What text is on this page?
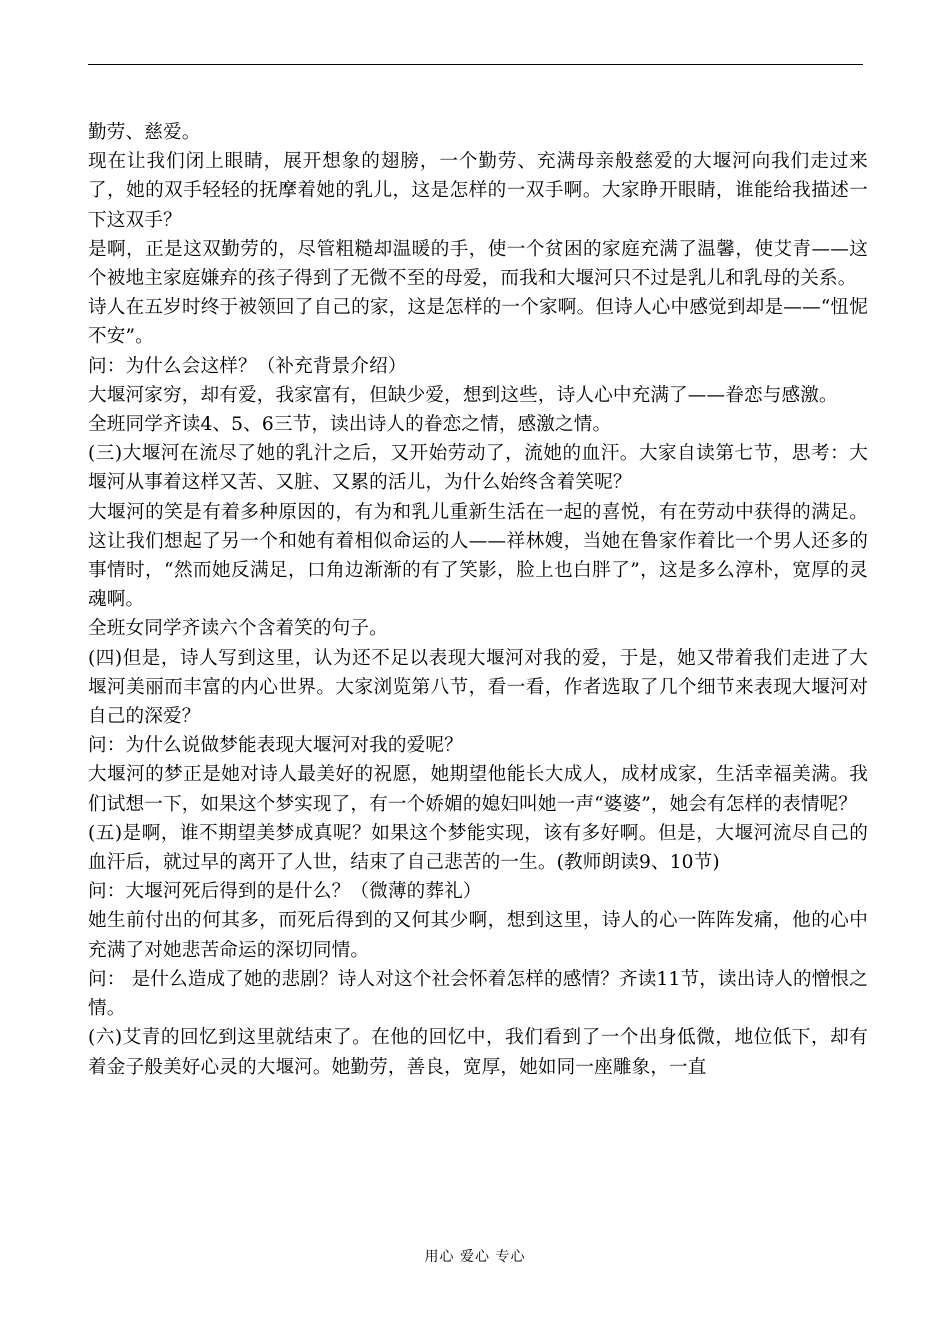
勤劳、慈爱。

现在让我们闭上眼睛，展开想象的翅膀，一个勤劳、充满母亲般慈爱的大堰河向我们走过来了，她的双手轻轻的抚摩着她的乳儿，这是怎样的一双手啊。大家睁开眼睛，谁能给我描述一下这双手？

是啊，正是这双勤劳的，尽管粗糙却温暖的手，使一个贫困的家庭充满了温馨，使艾青——这个被地主家庭嫌弃的孩子得到了无微不至的母爱，而我和大堰河只不过是乳儿和乳母的关系。

诗人在五岁时终于被领回了自己的家，这是怎样的一个家啊。但诗人心中感觉到却是——“忸怩不安”。

问：为什么会这样？（补充背景介绍）

大堰河家穷，却有爱，我家富有，但缺少爱，想到这些，诗人心中充满了——眷恋与感激。

全班同学齐读4、5、6三节，读出诗人的眷恋之情，感激之情。

(三)大堰河在流尽了她的乳汁之后，又开始劳动了，流她的血汗。大家自读第七节，思考：大堰河从事着这样又苦、又脏、又累的活儿，为什么始终含着笑呢？

大堰河的笑是有着多种原因的，有为和乳儿重新生活在一起的喜悦，有在劳动中获得的满足。这让我们想起了另一个和她有着相似命运的人——祥林嫂，当她在鲁家作着比一个男人还多的事情时，“然而她反满足，口角边渐渐的有了笑影，脸上也白胖了”，这是多么淳朴，宽厚的灵魂啊。

全班女同学齐读六个含着笑的句子。

(四)但是，诗人写到这里，认为还不足以表现大堰河对我的爱，于是，她又带着我们走进了大堰河美丽而丰富的内心世界。大家浏览第八节，看一看，作者选取了几个细节来表现大堰河对自己的深爱？

问：为什么说做梦能表现大堰河对我的爱呢？

大堰河的梦正是她对诗人最美好的祝愿，她期望他能长大成人，成材成家，生活幸福美满。我们试想一下，如果这个梦实现了，有一个娇媚的媳妇叫她一声“婆婆”，她会有怎样的表情呢？

(五)是啊，谁不期望美梦成真呢？如果这个梦能实现，该有多好啊。但是，大堰河流尽自己的血汗后，就过早的离开了人世，结束了自己悲苦的一生。(教师朗读9、10节)

问：大堰河死后得到的是什么？（微薄的葬礼）

她生前付出的何其多，而死后得到的又何其少啊，想到这里，诗人的心一阵阵发痛，他的心中充满了对她悲苦命运的深切同情。

问： 是什么造成了她的悲剧？诗人对这个社会怀着怎样的感情？齐读11节，读出诗人的憎恨之情。

(六)艾青的回忆到这里就结束了。在他的回忆中，我们看到了一个出身低微，地位低下，却有着金子般美好心灵的大堰河。她勤劳，善良，宽厚，她如同一座雕象，一直

用心 爱心 专心
